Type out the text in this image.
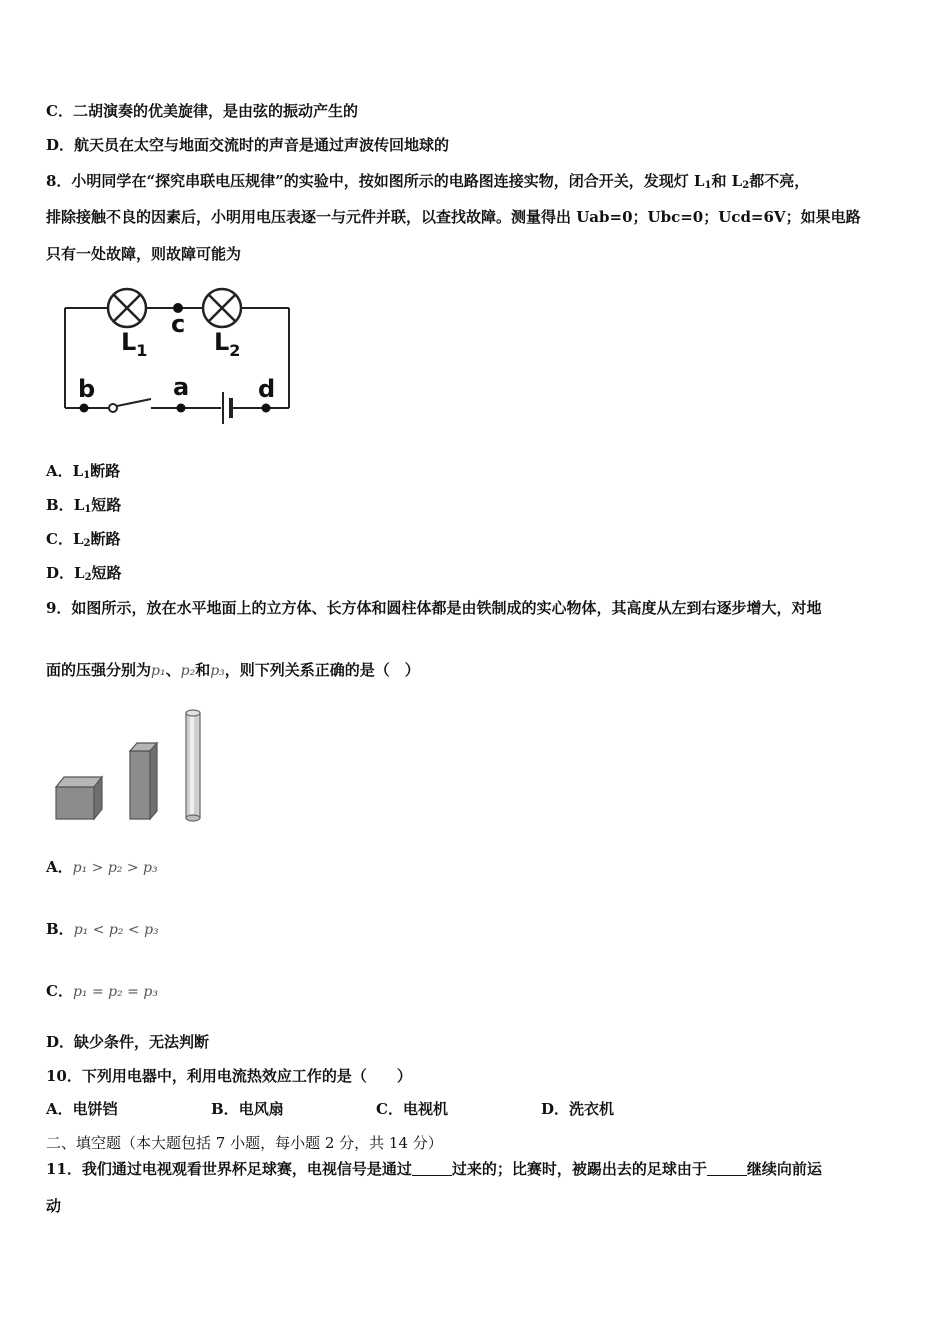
C．二胡演奏的优美旋律，是由弦的振动产生的
D．航天员在太空与地面交流时的声音是通过声波传回地球的
8．小明同学在“探究串联电压规律”的实验中，按如图所示的电路图连接实物，闭合开关，发现灯 $L_1$和 $L_2$都不亮，
排除接触不良的因素后，小明用电压表逐一与元件并联，以查找故障。测量得出 Uab=0；Ubc=0；Ucd=6V；如果电路
只有一处故障，则故障可能为
c
$L_1$	$L_2$
b	a	d
A．$L_1$断路
B．$L_1$短路
C．$L_2$断路
D．$L_2$短路
9．如图所示，放在水平地面上的立方体、长方体和圆柱体都是由铁制成的实心物体，其高度从左到右逐步增大，对地
面的压强分别为p₁、p₂和p₃，则下列关系正确的是（　）
A．p₁ > p₂ > p₃
B．p₁ < p₂ < p₃
C．p₁ = p₂ = p₃
D．缺少条件，无法判断
10．下列用电器中，利用电流热效应工作的是（　　）
A．电饼铛	B．电风扇	C．电视机	D．洗衣机
二、填空题（本大题包括 7 小题，每小题 2 分，共 14 分）
11．我们通过电视观看世界杯足球赛，电视信号是通过	过来的；比赛时，被踢出去的足球由于	继续向前运
动
